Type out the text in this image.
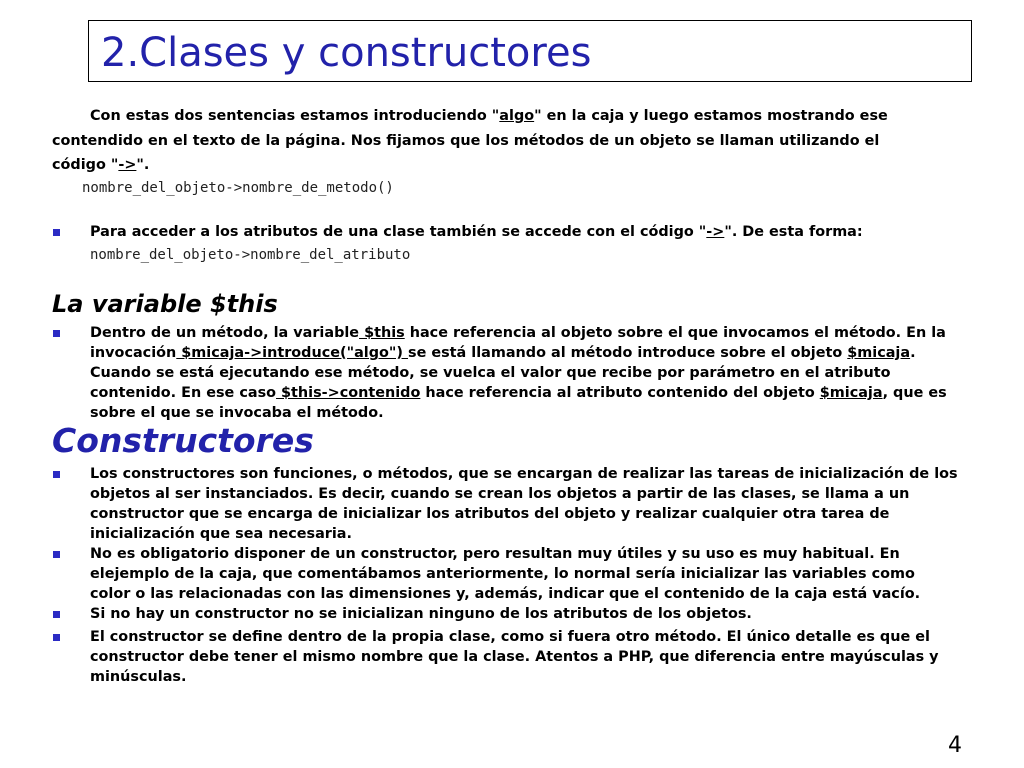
2.Clases y constructores
Con estas dos sentencias estamos introduciendo "algo" en la caja y luego estamos mostrando ese
contendido en el texto de la página. Nos fijamos que los métodos de un objeto se llaman utilizando el
código "->".
nombre_del_objeto->nombre_de_metodo()
Para acceder a los atributos de una clase también se accede con el código "->". De esta forma:
nombre_del_objeto->nombre_del_atributo
La variable $this
Dentro de un método, la variable $this hace referencia al objeto sobre el que invocamos el método. En la
invocación $micaja->introduce("algo") se está llamando al método introduce sobre el objeto $micaja.
Cuando se está ejecutando ese método, se vuelca el valor que recibe por parámetro en el atributo
contenido. En ese caso $this->contenido hace referencia al atributo contenido del objeto $micaja, que es
sobre el que se invocaba el método.
Constructores
Los constructores son funciones, o métodos, que se encargan de realizar las tareas de inicialización de los
objetos al ser instanciados. Es decir, cuando se crean los objetos a partir de las clases, se llama a un
constructor que se encarga de inicializar los atributos del objeto y realizar cualquier otra tarea de
inicialización que sea necesaria.
No es obligatorio disponer de un constructor, pero resultan muy útiles y su uso es muy habitual. En
elejemplo de la caja, que comentábamos anteriormente, lo normal sería inicializar las variables como
color o las relacionadas con las dimensiones y, además, indicar que el contenido de la caja está vacío.
Si no hay un constructor no se inicializan ninguno de los atributos de los objetos.
El constructor se define dentro de la propia clase, como si fuera otro método. El único detalle es que el
constructor debe tener el mismo nombre que la clase. Atentos a PHP, que diferencia entre mayúsculas y
minúsculas.
4
